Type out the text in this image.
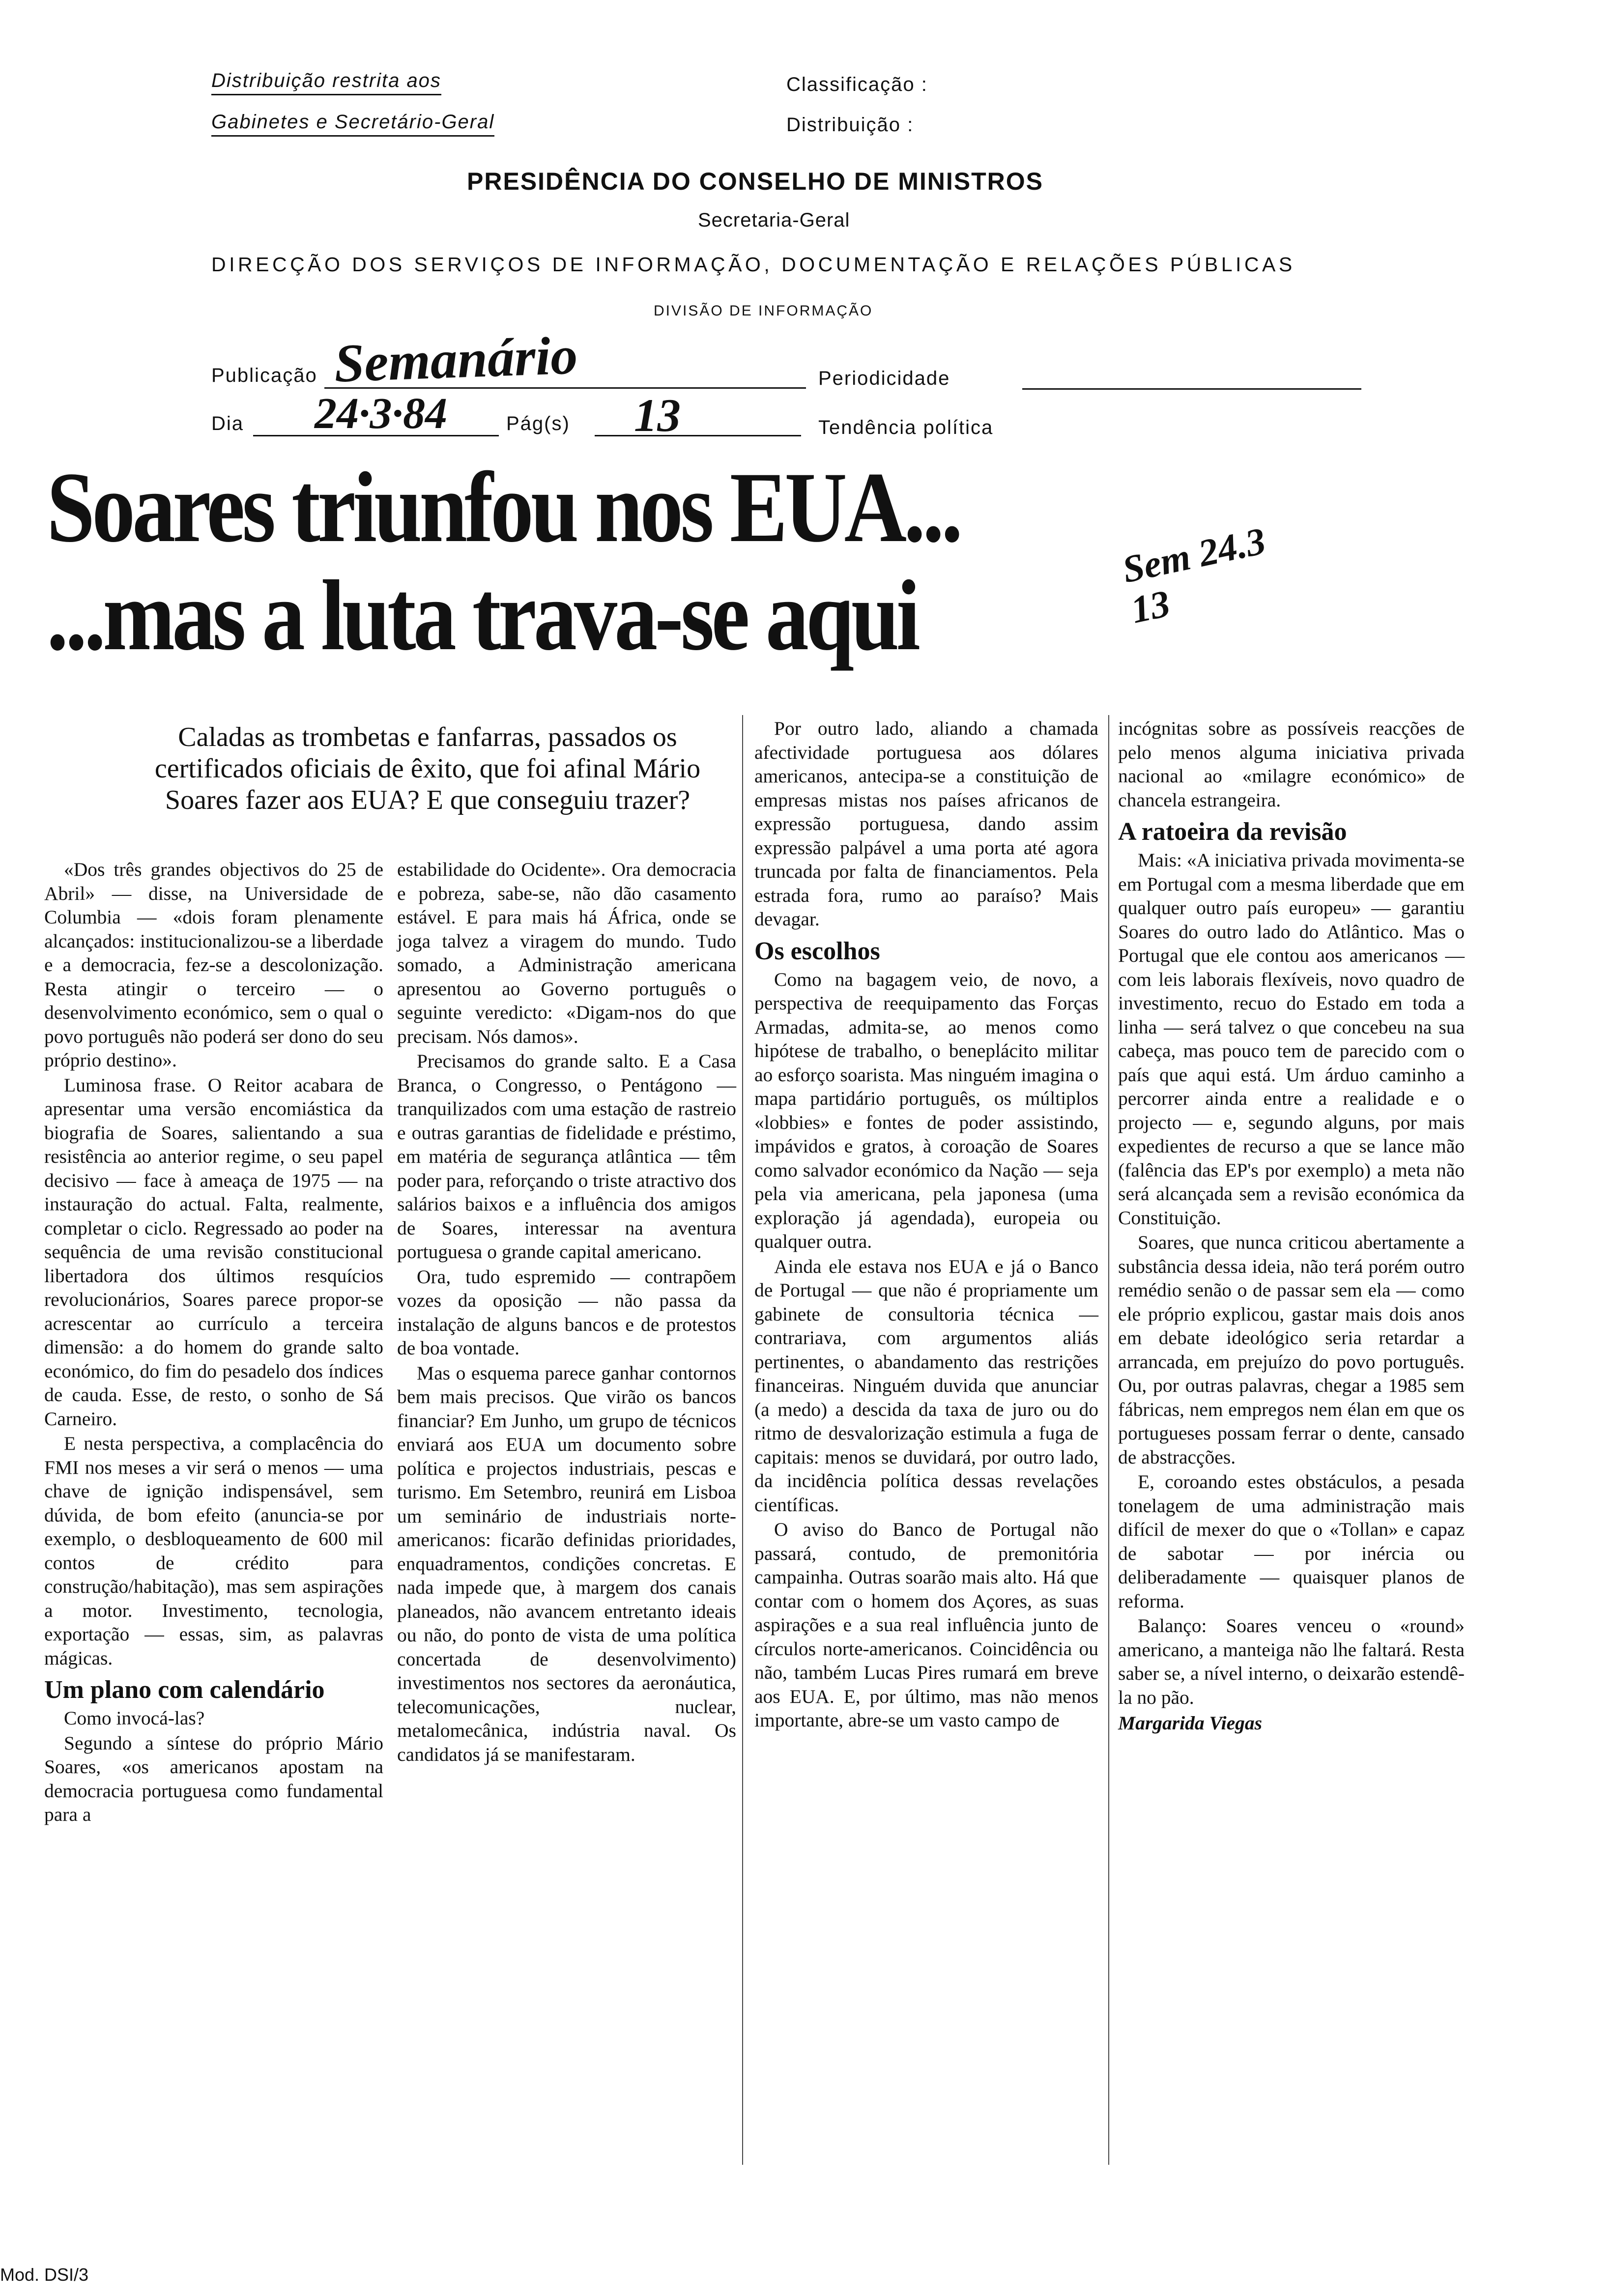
Distribuição restrita aos
Gabinetes e Secretário-Geral
Classificação :
Distribuição :
PRESIDÊNCIA DO CONSELHO DE MINISTROS
Secretaria-Geral
DIRECÇÃO DOS SERVIÇOS DE INFORMAÇÃO, DOCUMENTAÇÃO E RELAÇÕES PÚBLICAS
DIVISÃO DE INFORMAÇÃO
Publicação Semanário	Periodicidade
Dia 24·3·84	Pág(s) 13	Tendência política
Soares triunfou nos EUA...
...mas a luta trava-se aqui
Sem 24.3 13
Caladas as trombetas e fanfarras, passados os certificados oficiais de êxito, que foi afinal Mário Soares fazer aos EUA? E que conseguiu trazer?

«Dos três grandes objectivos do 25 de Abril» — disse, na Universidade de Columbia — «dois foram plenamente alcançados: institucionalizou-se a liberdade e a democracia, fez-se a descolonização. Resta atingir o terceiro — o desenvolvimento económico, sem o qual o povo português não poderá ser dono do seu próprio destino».

Luminosa frase. O Reitor acabara de apresentar uma versão encomiástica da biografia de Soares, salientando a sua resistência ao anterior regime, o seu papel decisivo — face à ameaça de 1975 — na instauração do actual. Falta, realmente, completar o ciclo. Regressado ao poder na sequência de uma revisão constitucional libertadora dos últimos resquícios revolucionários, Soares parece propor-se acrescentar ao currículo a terceira dimensão: a do homem do grande salto económico, do fim do pesadelo dos índices de cauda. Esse, de resto, o sonho de Sá Carneiro.

E nesta perspectiva, a complacência do FMI nos meses a vir será o menos — uma chave de ignição indispensável, sem dúvida, de bom efeito (anuncia-se por exemplo, o desbloqueamento de 600 mil contos de crédito para construção/habitação), mas sem aspirações a motor. Investimento, tecnologia, exportação — essas, sim, as palavras mágicas.

Um plano com calendário

Como invocá-las?

Segundo a síntese do próprio Mário Soares, «os americanos apostam na democracia portuguesa como fundamental para a

estabilidade do Ocidente». Ora democracia e pobreza, sabe-se, não dão casamento estável. E para mais há África, onde se joga talvez a viragem do mundo. Tudo somado, a Administração americana apresentou ao Governo português o seguinte veredicto: «Digam-nos do que precisam. Nós damos».

Precisamos do grande salto. E a Casa Branca, o Congresso, o Pentágono — tranquilizados com uma estação de rastreio e outras garantias de fidelidade e préstimo, em matéria de segurança atlântica — têm poder para, reforçando o triste atractivo dos salários baixos e a influência dos amigos de Soares, interessar na aventura portuguesa o grande capital americano.

Ora, tudo espremido — contrapõem vozes da oposição — não passa da instalação de alguns bancos e de protestos de boa vontade.

Mas o esquema parece ganhar contornos bem mais precisos. Que virão os bancos financiar? Em Junho, um grupo de técnicos enviará aos EUA um documento sobre política e projectos industriais, pescas e turismo. Em Setembro, reunirá em Lisboa um seminário de industriais norte-americanos: ficarão definidas prioridades, enquadramentos, condições concretas. E nada impede que, à margem dos canais planeados, não avancem entretanto ideais ou não, do ponto de vista de uma política concertada de desenvolvimento) investimentos nos sectores da aeronáutica, telecomunicações, nuclear, metalomecânica, indústria naval. Os candidatos já se manifestaram.

Por outro lado, aliando a chamada afectividade portuguesa aos dólares americanos, antecipa-se a constituição de empresas mistas nos países africanos de expressão portuguesa, dando assim expressão palpável a uma porta até agora truncada por falta de financiamentos. Pela estrada fora, rumo ao paraíso? Mais devagar.

Os escolhos

Como na bagagem veio, de novo, a perspectiva de reequipamento das Forças Armadas, admita-se, ao menos como hipótese de trabalho, o beneplácito militar ao esforço soarista. Mas ninguém imagina o mapa partidário português, os múltiplos «lobbies» e fontes de poder assistindo, impávidos e gratos, à coroação de Soares como salvador económico da Nação — seja pela via americana, pela japonesa (uma exploração já agendada), europeia ou qualquer outra.

Ainda ele estava nos EUA e já o Banco de Portugal — que não é propriamente um gabinete de consultoria técnica — contrariava, com argumentos aliás pertinentes, o abandamento das restrições financeiras. Ninguém duvida que anunciar (a medo) a descida da taxa de juro ou do ritmo de desvalorização estimula a fuga de capitais: menos se duvidará, por outro lado, da incidência política dessas revelações científicas.

O aviso do Banco de Portugal não passará, contudo, de premonitória campainha. Outras soarão mais alto. Há que contar com o homem dos Açores, as suas aspirações e a sua real influência junto de círculos norte-americanos. Coincidência ou não, também Lucas Pires rumará em breve aos EUA. E, por último, mas não menos importante, abre-se um vasto campo de

incógnitas sobre as possíveis reacções de pelo menos alguma iniciativa privada nacional ao «milagre económico» de chancela estrangeira.

A ratoeira da revisão

Mais: «A iniciativa privada movimenta-se em Portugal com a mesma liberdade que em qualquer outro país europeu» — garantiu Soares do outro lado do Atlântico. Mas o Portugal que ele contou aos americanos — com leis laborais flexíveis, novo quadro de investimento, recuo do Estado em toda a linha — será talvez o que concebeu na sua cabeça, mas pouco tem de parecido com o país que aqui está. Um árduo caminho a percorrer ainda entre a realidade e o projecto — e, segundo alguns, por mais expedientes de recurso a que se lance mão (falência das EP's por exemplo) a meta não será alcançada sem a revisão económica da Constituição.

Soares, que nunca criticou abertamente a substância dessa ideia, não terá porém outro remédio senão o de passar sem ela — como ele próprio explicou, gastar mais dois anos em debate ideológico seria retardar a arrancada, em prejuízo do povo português. Ou, por outras palavras, chegar a 1985 sem fábricas, nem empregos nem élan em que os portugueses possam ferrar o dente, cansado de abstracções.

E, coroando estes obstáculos, a pesada tonelagem de uma administração mais difícil de mexer do que o «Tollan» e capaz de sabotar — por inércia ou deliberadamente — quaisquer planos de reforma.

Balanço: Soares venceu o «round» americano, a manteiga não lhe faltará. Resta saber se, a nível interno, o deixarão estendê-la no pão.

Margarida Viegas
Mod. DSI/3
